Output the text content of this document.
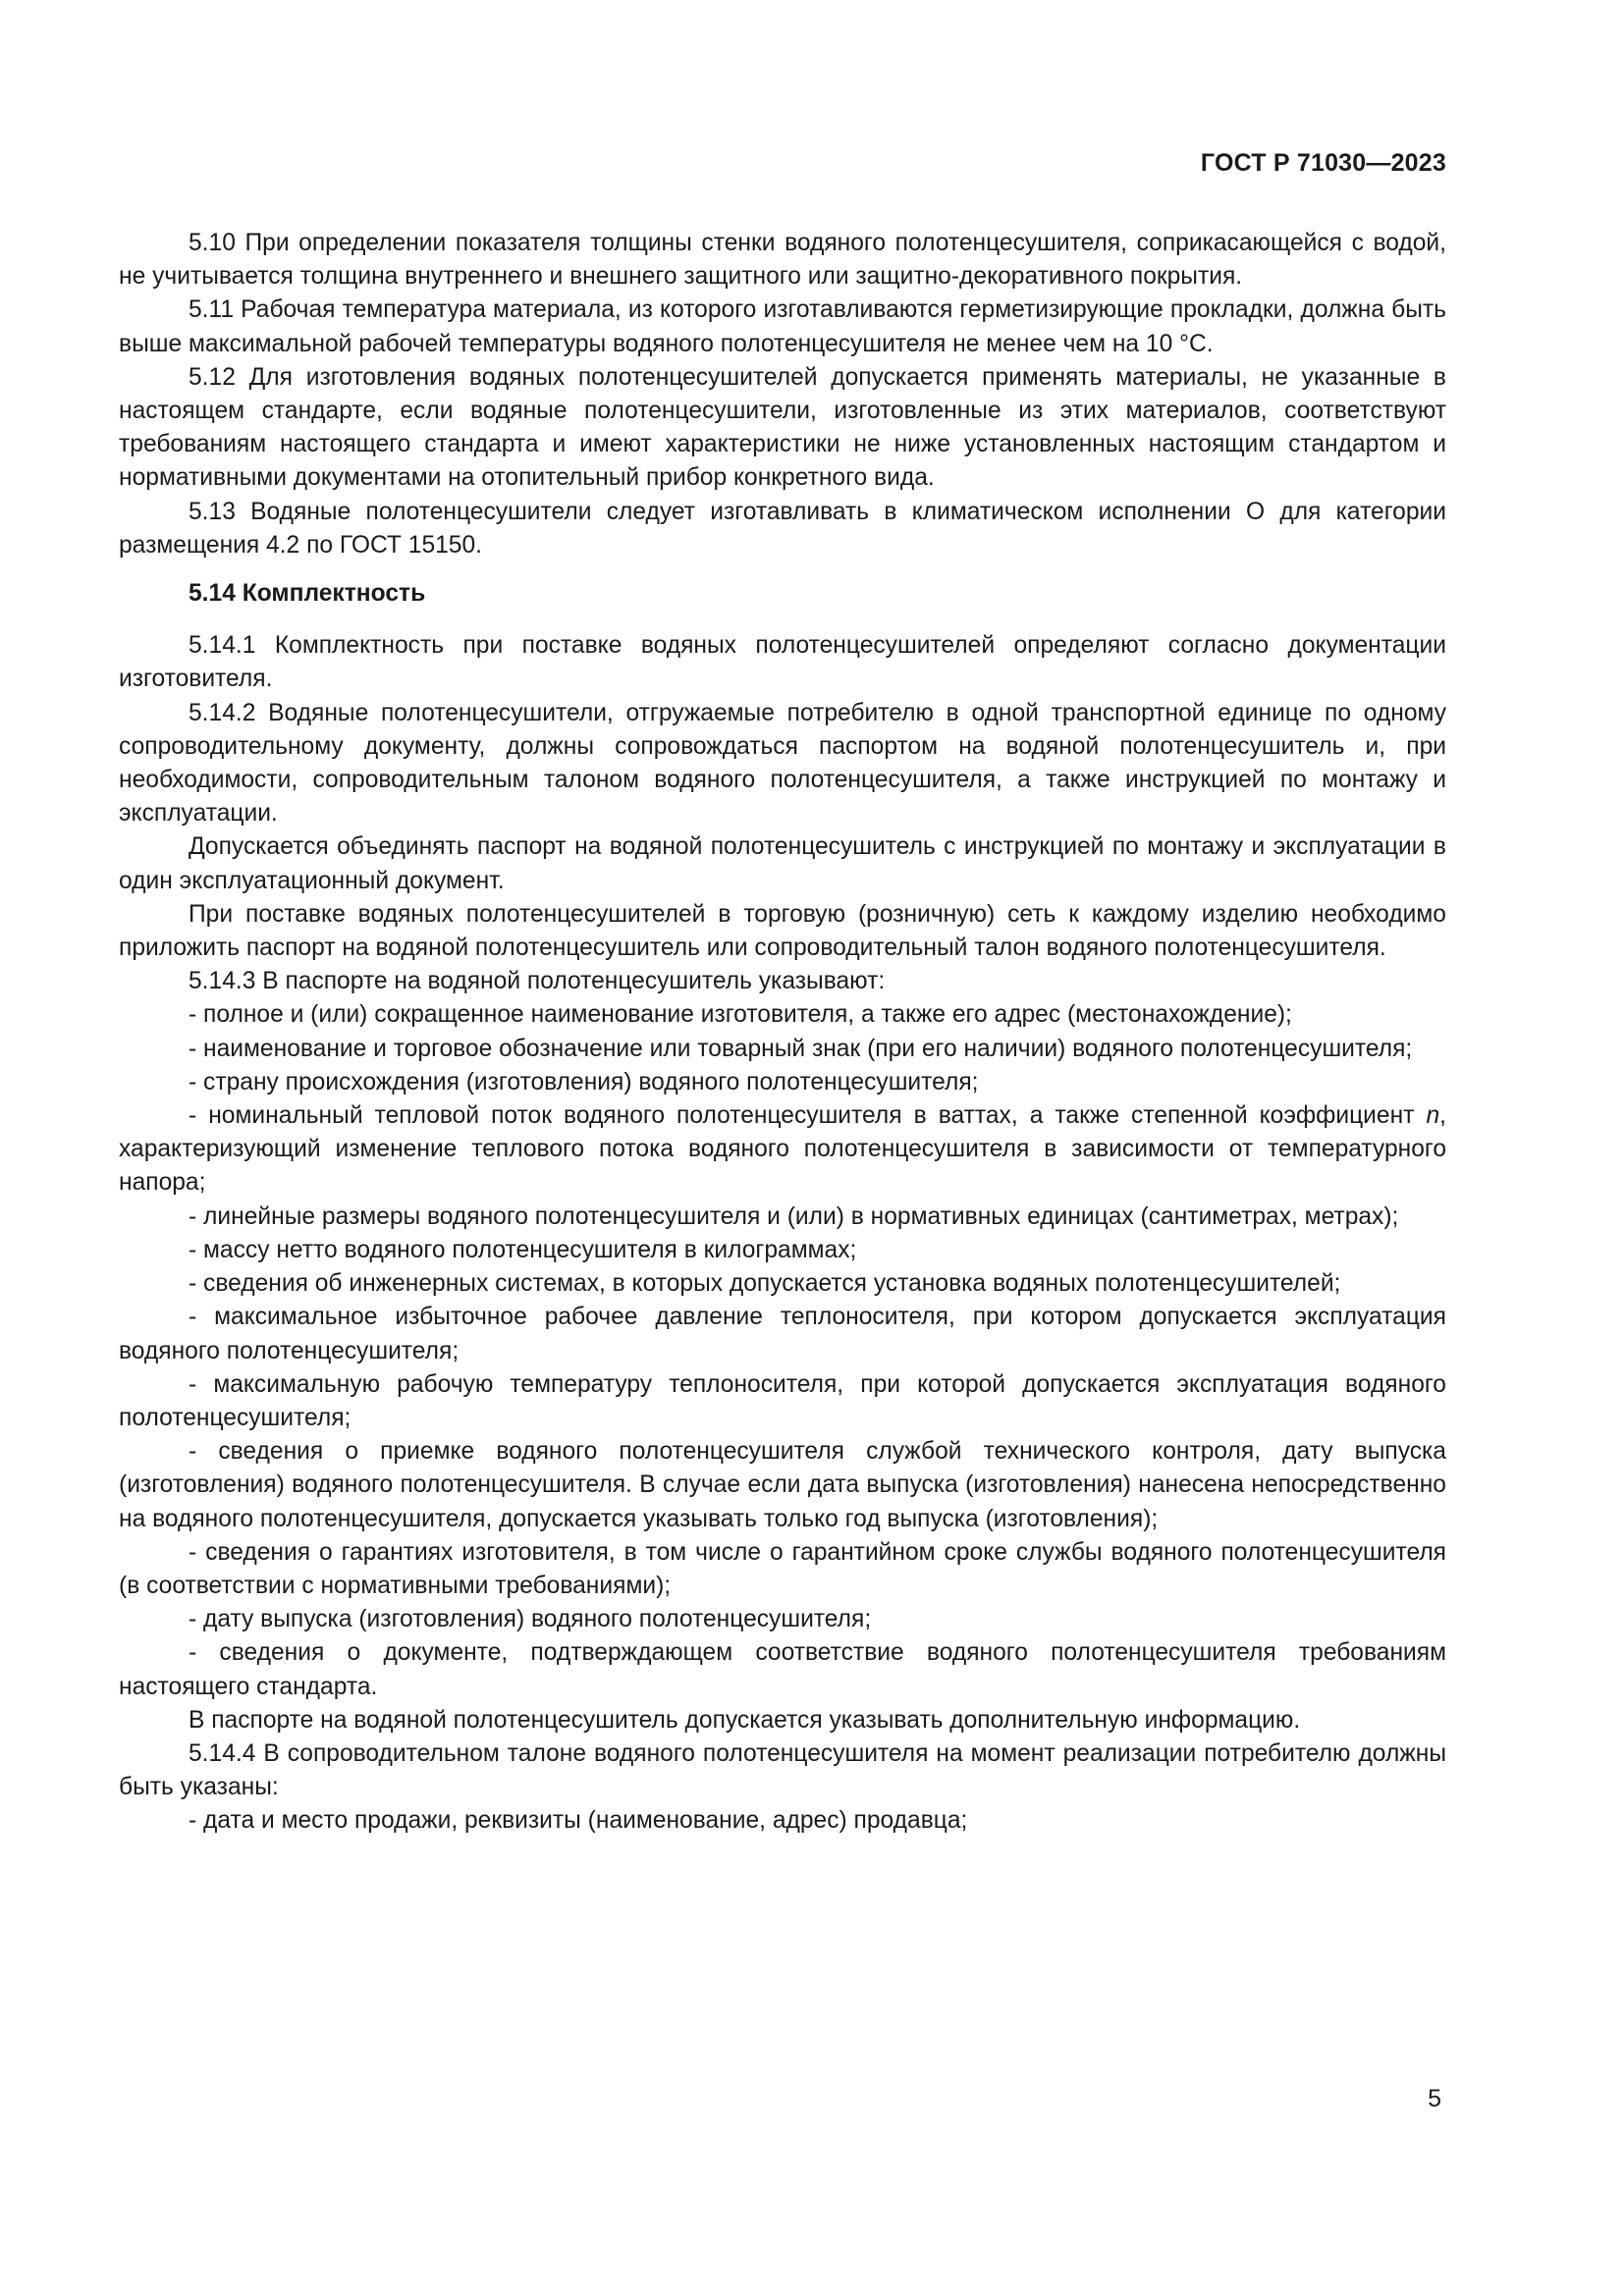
ГОСТ Р 71030—2023

5.10 При определении показателя толщины стенки водяного полотенцесушителя, соприкасающейся с водой, не учитывается толщина внутреннего и внешнего защитного или защитно-декоративного покрытия.

5.11 Рабочая температура материала, из которого изготавливаются герметизирующие прокладки, должна быть выше максимальной рабочей температуры водяного полотенцесушителя не менее чем на 10 °С.

5.12 Для изготовления водяных полотенцесушителей допускается применять материалы, не указанные в настоящем стандарте, если водяные полотенцесушители, изготовленные из этих материалов, соответствуют требованиям настоящего стандарта и имеют характеристики не ниже установленных настоящим стандартом и нормативными документами на отопительный прибор конкретного вида.

5.13 Водяные полотенцесушители следует изготавливать в климатическом исполнении О для категории размещения 4.2 по ГОСТ 15150.

5.14 Комплектность

5.14.1 Комплектность при поставке водяных полотенцесушителей определяют согласно документации изготовителя.

5.14.2 Водяные полотенцесушители, отгружаемые потребителю в одной транспортной единице по одному сопроводительному документу, должны сопровождаться паспортом на водяной полотенцесушитель и, при необходимости, сопроводительным талоном водяного полотенцесушителя, а также инструкцией по монтажу и эксплуатации.

Допускается объединять паспорт на водяной полотенцесушитель с инструкцией по монтажу и эксплуатации в один эксплуатационный документ.

При поставке водяных полотенцесушителей в торговую (розничную) сеть к каждому изделию необходимо приложить паспорт на водяной полотенцесушитель или сопроводительный талон водяного полотенцесушителя.

5.14.3 В паспорте на водяной полотенцесушитель указывают:

- полное и (или) сокращенное наименование изготовителя, а также его адрес (местонахождение);

- наименование и торговое обозначение или товарный знак (при его наличии) водяного полотенцесушителя;

- страну происхождения (изготовления) водяного полотенцесушителя;

- номинальный тепловой поток водяного полотенцесушителя в ваттах, а также степенной коэффициент n, характеризующий изменение теплового потока водяного полотенцесушителя в зависимости от температурного напора;

- линейные размеры водяного полотенцесушителя и (или) в нормативных единицах (сантиметрах, метрах);

- массу нетто водяного полотенцесушителя в килограммах;

- сведения об инженерных системах, в которых допускается установка водяных полотенцесушителей;

- максимальное избыточное рабочее давление теплоносителя, при котором допускается эксплуатация водяного полотенцесушителя;

- максимальную рабочую температуру теплоносителя, при которой допускается эксплуатация водяного полотенцесушителя;

- сведения о приемке водяного полотенцесушителя службой технического контроля, дату выпуска (изготовления) водяного полотенцесушителя. В случае если дата выпуска (изготовления) нанесена непосредственно на водяного полотенцесушителя, допускается указывать только год выпуска (изготовления);

- сведения о гарантиях изготовителя, в том числе о гарантийном сроке службы водяного полотенцесушителя (в соответствии с нормативными требованиями);

- дату выпуска (изготовления) водяного полотенцесушителя;

- сведения о документе, подтверждающем соответствие водяного полотенцесушителя требованиям настоящего стандарта.

В паспорте на водяной полотенцесушитель допускается указывать дополнительную информацию.

5.14.4 В сопроводительном талоне водяного полотенцесушителя на момент реализации потребителю должны быть указаны:

- дата и место продажи, реквизиты (наименование, адрес) продавца;

5
